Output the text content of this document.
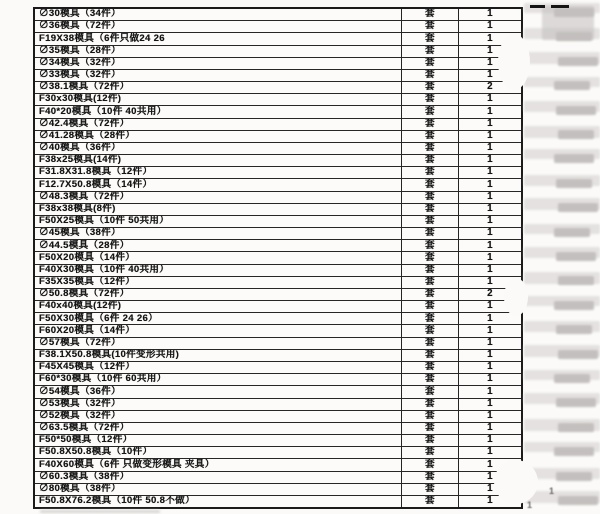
∅30模具（34件）	套	1
∅36模具（72件）	套	1
F19X38模具（6件只做24 26	套	1
∅35模具（28件）	套	1
∅34模具（32件）	套	1
∅33模具（32件）	套	1
∅38.1模具（72件）	套	2
F30x30模具(12件)	套	1
F40*20模具（10件 40共用）	套	1
∅42.4模具（72件）	套	1
∅41.28模具（28件）	套	1
∅40模具（36件）	套	1
F38x25模具(14件)	套	1
F31.8X31.8模具（12件）	套	1
F12.7X50.8模具（14件）	套	1
∅48.3模具（72件）	套	1
F38x38模具(8件)	套	1
F50X25模具（10件 50共用）	套	1
∅45模具（38件）	套	1
∅44.5模具（28件）	套	1
F50X20模具（14件）	套	1
F40X30模具（10件 40共用）	套	1
F35X35模具（12件）	套	1
∅50.8模具（72件）	套	2
F40x40模具(12件)	套	1
F50X30模具（6件 24 26）	套	1
F60X20模具（14件）	套	1
∅57模具（72件）	套	1
F38.1X50.8模具(10件变形共用)	套	1
F45X45模具（12件）	套	1
F60*30模具（10件 60共用）	套	1
∅54模具（36件）	套	1
∅53模具（32件）	套	1
∅52模具（32件）	套	1
∅63.5模具（72件）	套	1
F50*50模具（12件）	套	1
F50.8X50.8模具（10件）	套	1
F40X60模具（6件 只做变形模具 夹具）	套	1
∅60.3模具（38件）	套	1
∅80模具（38件）	套	1
F50.8X76.2模具（10件 50.8不做）	套	1
1
1
